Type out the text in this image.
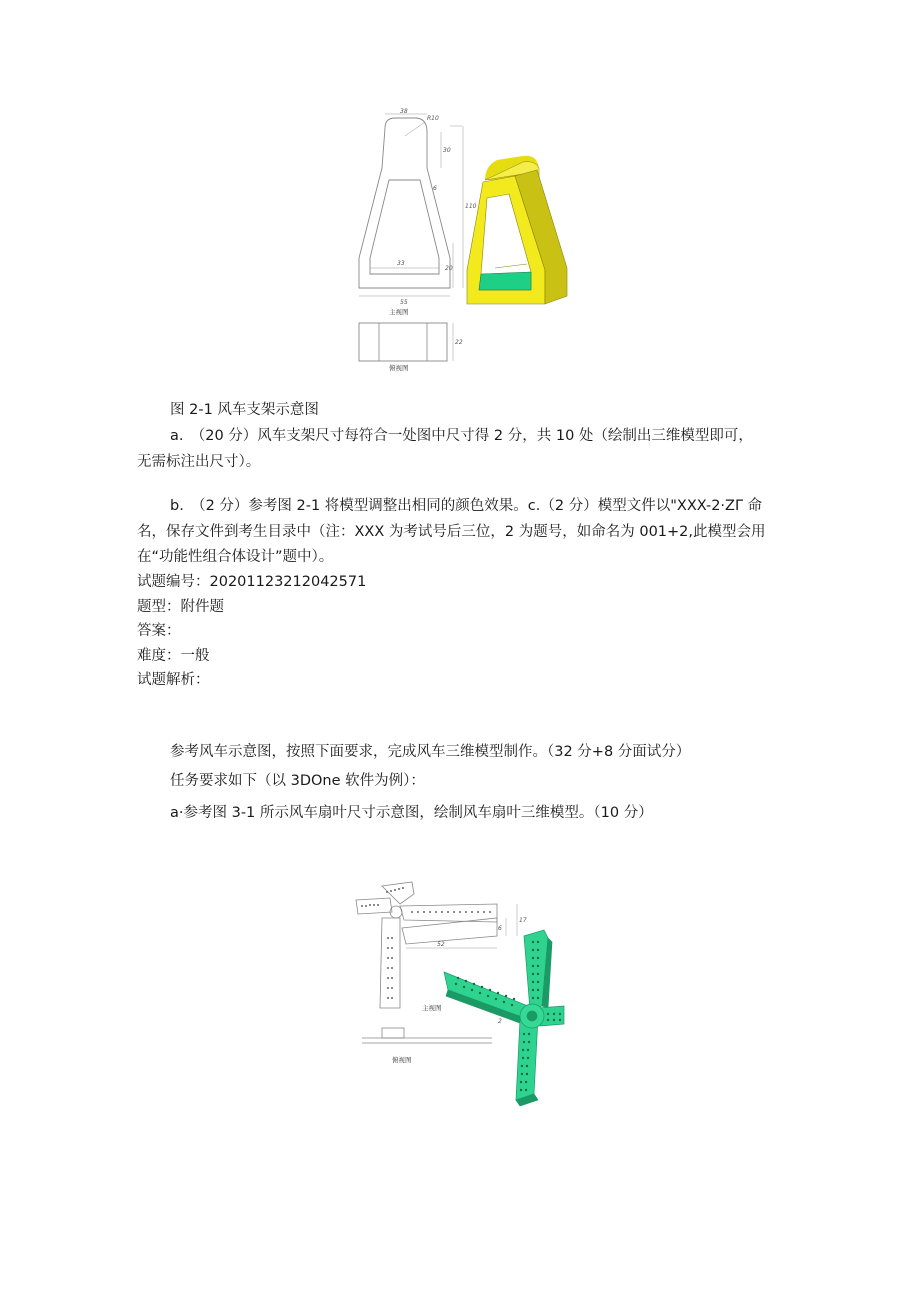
38
R10
30
6
110
33
20
55
主视图
22
俯视图
图 2-1 风车支架示意图
a.　（20 分）风车支架尺寸每符合一处图中尺寸得 2 分，共 10 处（绘制出三维模型即可，
无需标注出尺寸）。
b.　（2 分）参考图 2-1 将模型调整出相同的颜色效果。c.（2 分）模型文件以"XXX-2·ZΓ 命
名，保存文件到考生目录中（注：XXX 为考试号后三位，2 为题号，如命名为 001+2,此模型会用
在“功能性组合体设计”题中）。
试题编号：20201123212042571
题型：附件题
答案：
难度：一般
试题解析：
参考风车示意图，按照下面要求，完成风车三维模型制作。（32 分+8 分面试分）
任务要求如下（以 3DOne 软件为例）：
a·参考图 3-1 所示风车扇叶尺寸示意图，绘制风车扇叶三维模型。（10 分）
52
17
6
主视图
俯视图
2
